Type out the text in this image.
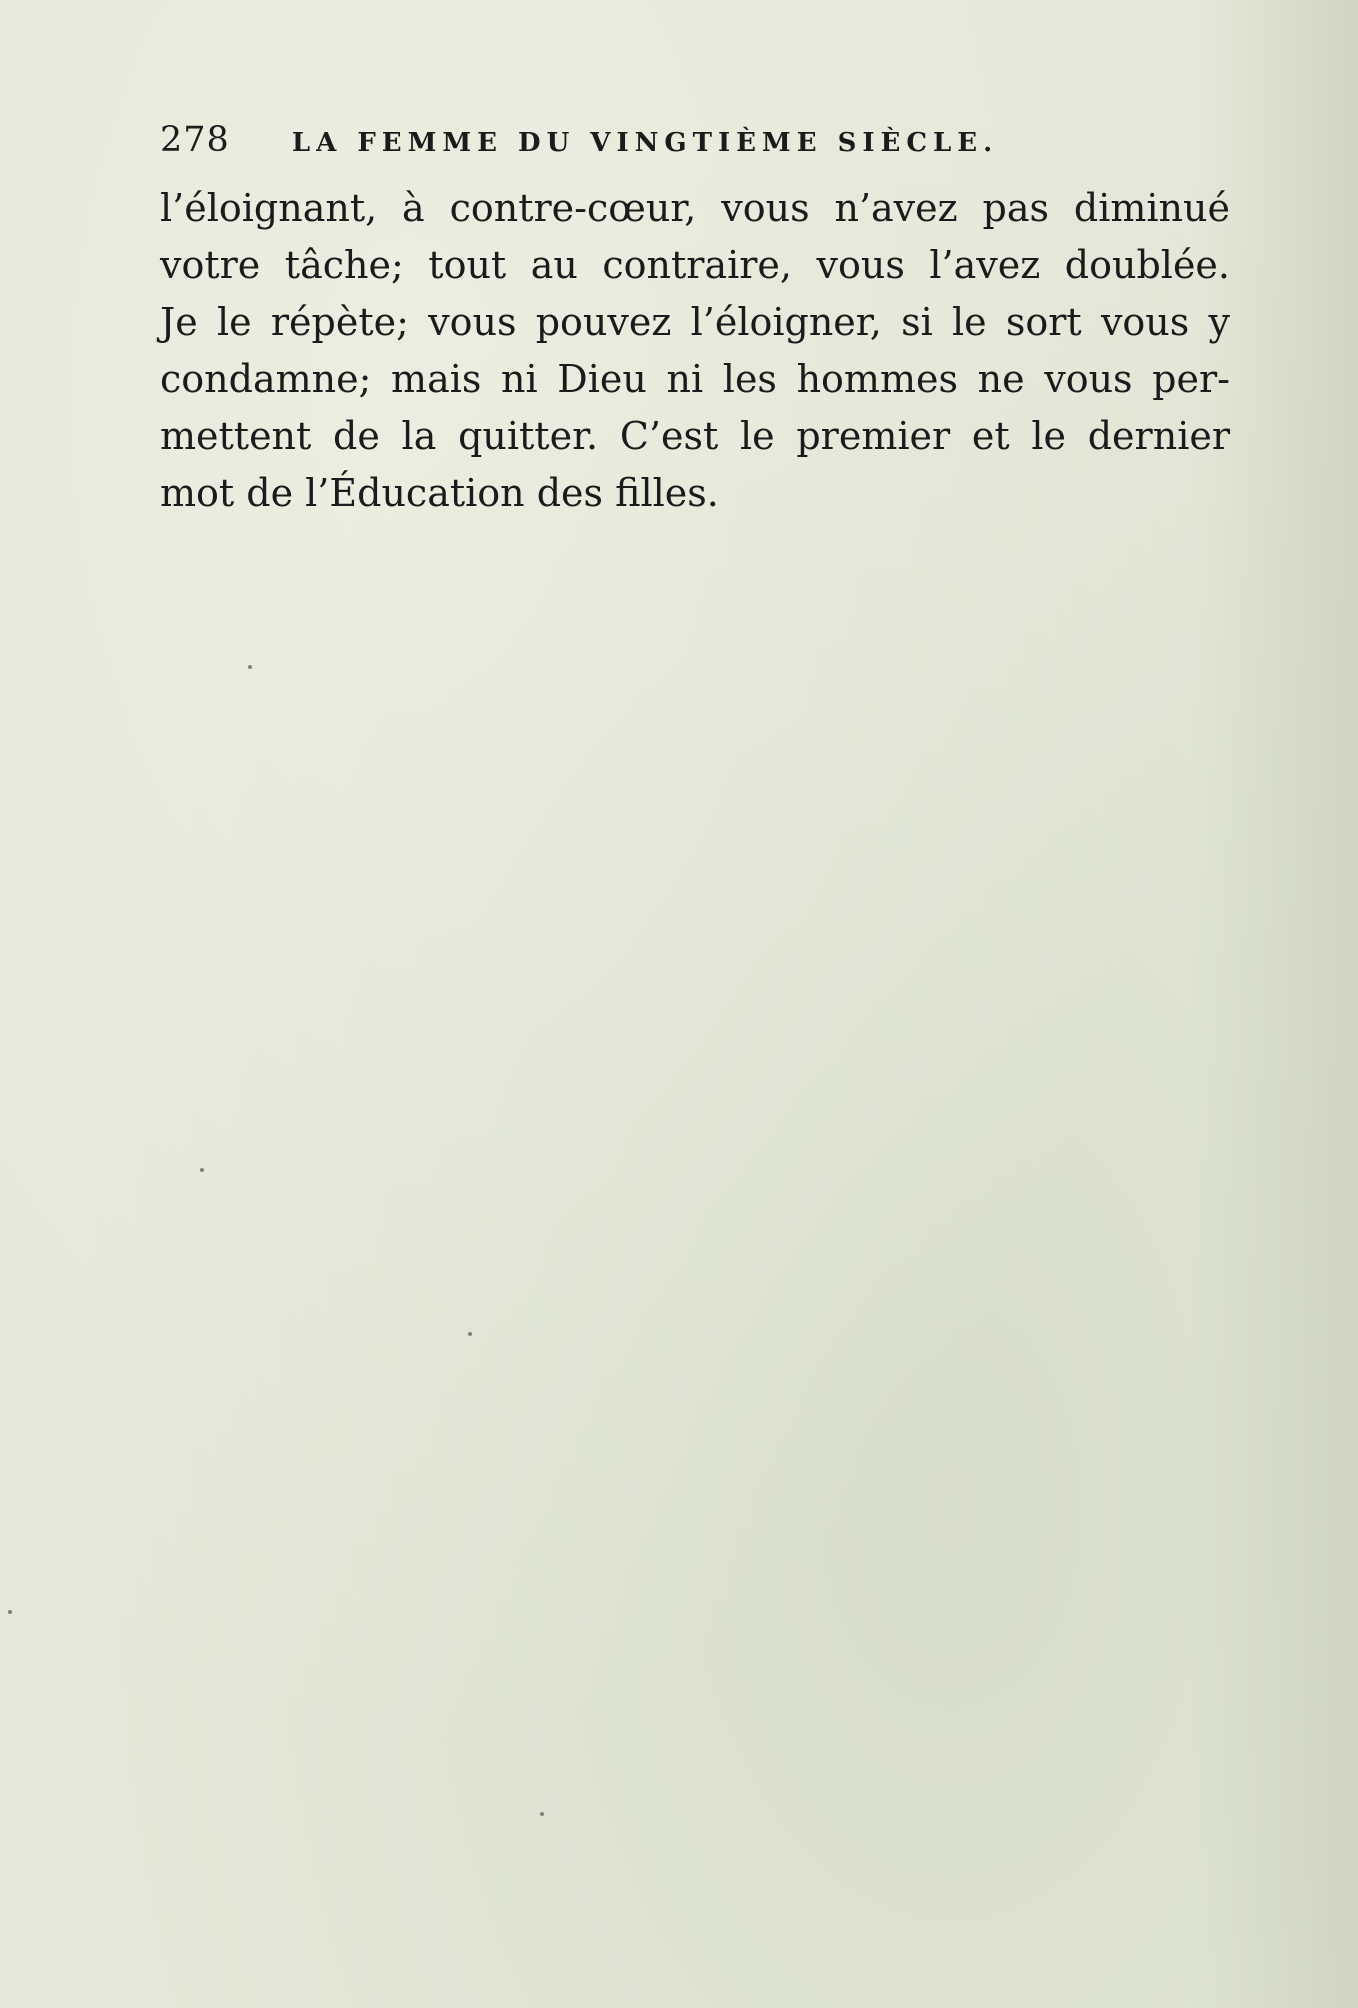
278 LA FEMME DU VINGTIÈME SIÈCLE.
l’éloignant, à contre-cœur, vous n’avez pas diminué
votre tâche; tout au contraire, vous l’avez doublée.
Je le répète; vous pouvez l’éloigner, si le sort vous y
condamne; mais ni Dieu ni les hommes ne vous per-
mettent de la quitter. C’est le premier et le dernier
mot de l’Éducation des filles.
